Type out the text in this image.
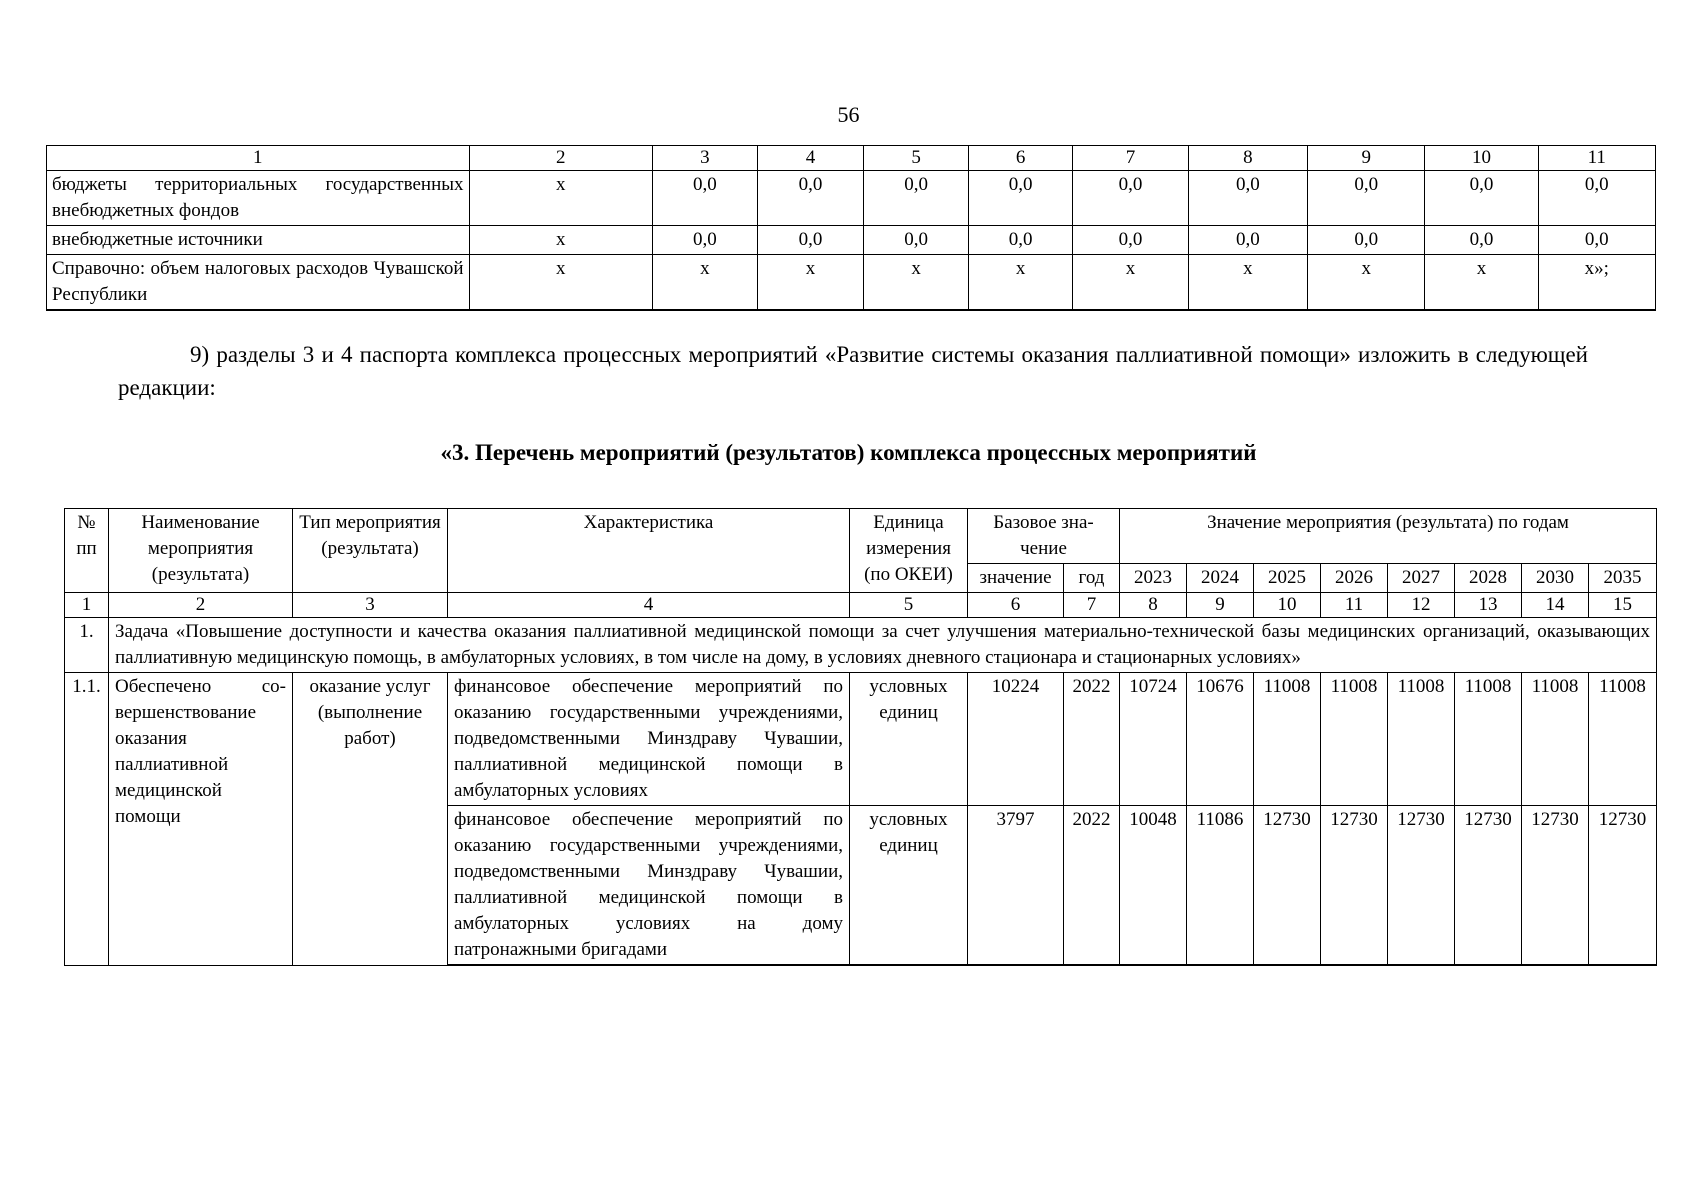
56
1	2	3	4	5	6	7	8	9	10	11
бюджеты территориальных государственных внебюджетных фондов	x	0,0	0,0	0,0	0,0	0,0	0,0	0,0	0,0	0,0
внебюджетные источники	x	0,0	0,0	0,0	0,0	0,0	0,0	0,0	0,0	0,0
Справочно: объем налоговых расходов Чувашской Республики	x	x	x	x	x	x	x	x	x	x»;
9) разделы 3 и 4 паспорта комплекса процессных мероприятий «Развитие системы оказания паллиативной помощи» изложить в следующей редакции:
«3. Перечень мероприятий (результатов) комплекса процессных мероприятий
№ пп	Наименование мероприятия (результата)	Тип мероприятия (результата)	Характеристика	Единица измерения (по ОКЕИ)	Базовое значение		Значение мероприятия (результата) по годам							
					значение	год	2023	2024	2025	2026	2027	2028	2030	2035
1	2	3	4	5	6	7	8	9	10	11	12	13	14	15
1.	Задача «Повышение доступности и качества оказания паллиативной медицинской помощи за счет улучшения материально-технической базы медицинских организаций, оказывающих паллиативную медицинскую помощь, в амбулаторных условиях, в том числе на дому, в условиях дневного стационара и стационарных условиях»													
1.1.	Обеспечено совершенствование оказания паллиативной медицинской помощи	оказание услуг (выполнение работ)	финансовое обеспечение мероприятий по оказанию государственными учреждениями, подведомственными Минздраву Чувашии, паллиативной медицинской помощи в амбулаторных условиях	условных единиц	10224	2022	10724	10676	11008	11008	11008	11008	11008	11008
			финансовое обеспечение мероприятий по оказанию государственными учреждениями, подведомственными Минздраву Чувашии, паллиативной медицинской помощи в амбулаторных условиях на дому патронажными бригадами	условных единиц	3797	2022	10048	11086	12730	12730	12730	12730	12730	12730
